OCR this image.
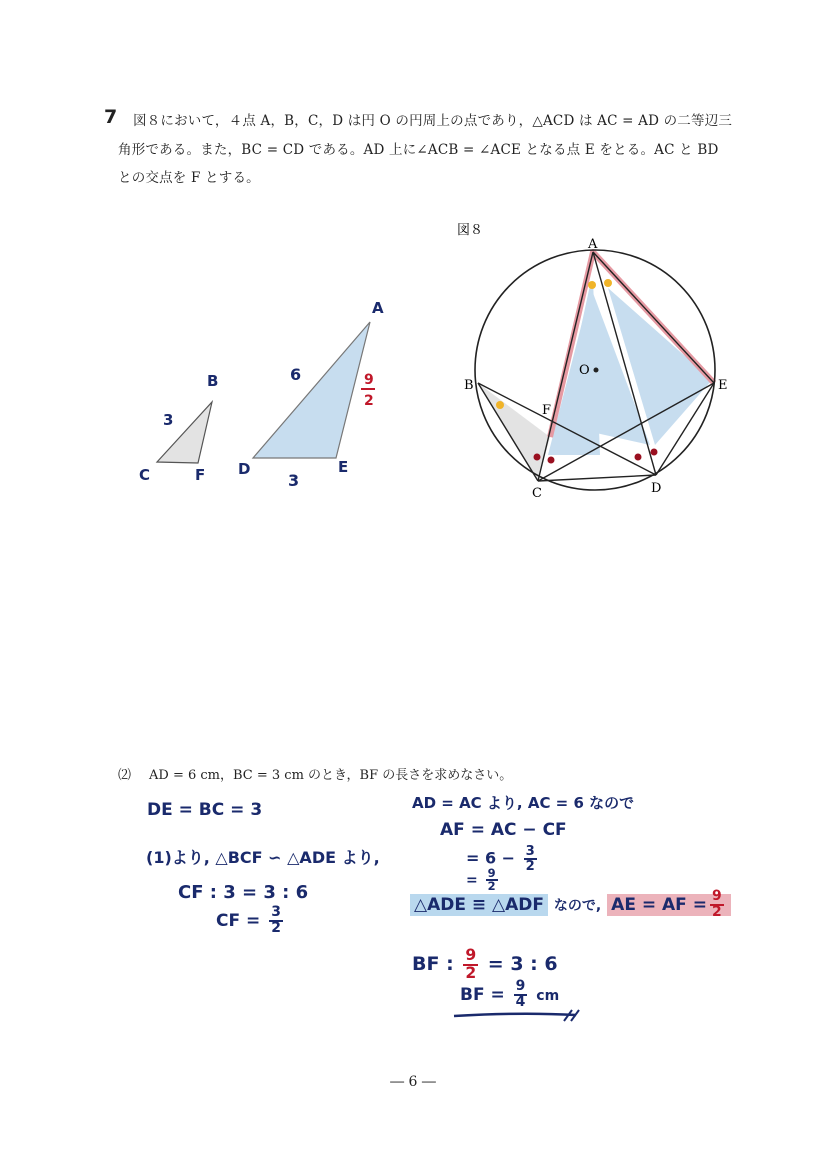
7 図８において，４点 A，B，C，D は円 O の円周上の点であり，△ACD は AC = AD の二等辺三
角形である。また，BC = CD である。AD 上に∠ACB = ∠ACE となる点 E をとる。AC と BD
との交点を F とする。
図８
A
B
C	D
E
F
O
B
C	F
3
A
D	E
6
3
9
2
⑵ AD = 6 cm，BC = 3 cm のとき，BF の長さを求めなさい。
DE = BC = 3
(1)より, △BCF ∽ △ADE より,
CF : 3 = 3 : 6
CF = $\frac{3}{2}$
AD = AC より, AC = 6 なので
AF = AC − CF
= $6 - \frac{3}{2}$
= $\frac{9}{2}$
△ADE ≡ △ADF なので, AE = AF = $\frac{9}{2}$
BF : $\frac{9}{2} = 3$ : 6
BF = $\frac{9}{4}$ cm
― 6 ―
